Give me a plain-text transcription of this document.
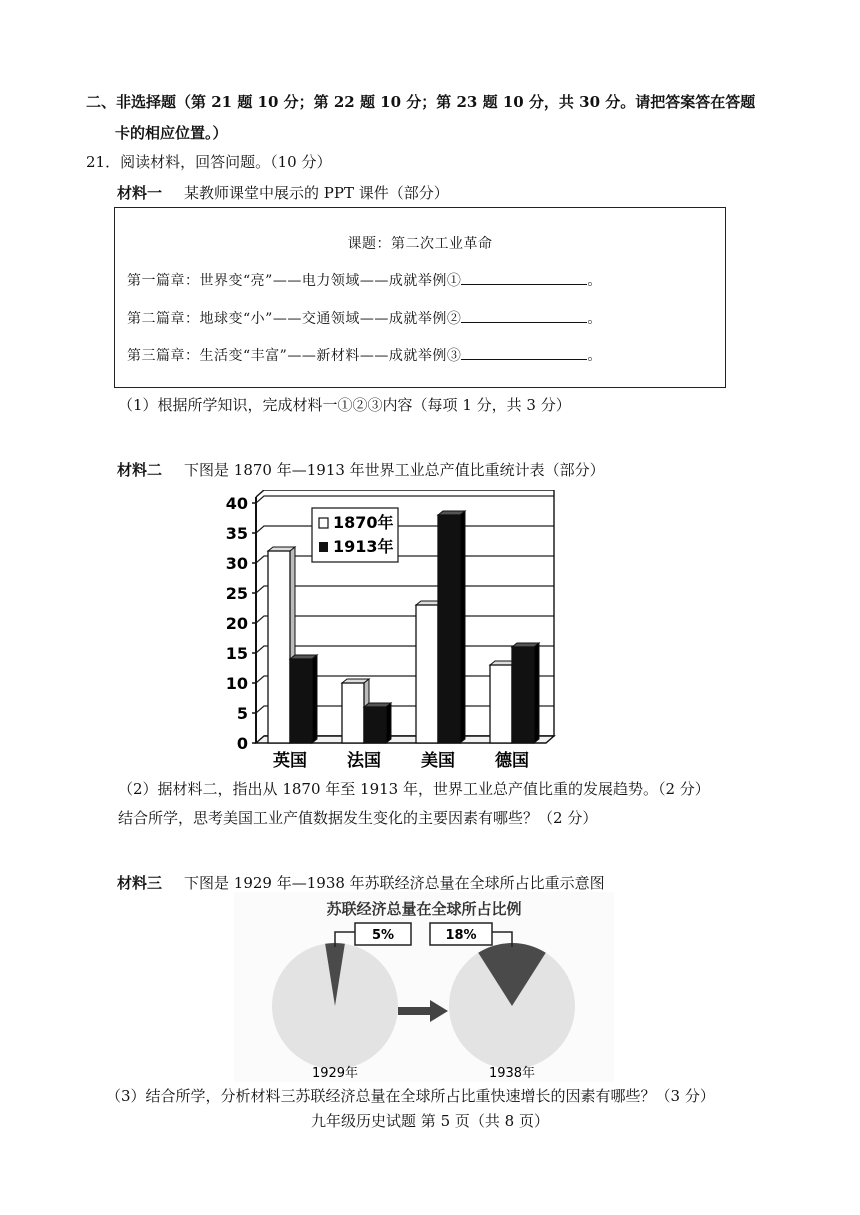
二、非选择题（第 21 题 10 分；第 22 题 10 分；第 23 题 10 分，共 30 分。请把答案答在答题
卡的相应位置。）
21．阅读材料，回答问题。（10 分）
材料一 某教师课堂中展示的 PPT 课件（部分）
课题：第二次工业革命
第一篇章：世界变“亮”——电力领域——成就举例①	。
第二篇章：地球变“小”——交通领域——成就举例②	。
第三篇章：生活变“丰富”——新材料——成就举例③	。
（1）根据所学知识，完成材料一①②③内容（每项 1 分，共 3 分）
材料二 下图是 1870 年—1913 年世界工业总产值比重统计表（部分）
0
5
10
15
20
25
30
35
40
英国 法国 美国 德国
1870年
1913年
（2）据材料二，指出从 1870 年至 1913 年，世界工业总产值比重的发展趋势。（2 分）
结合所学，思考美国工业产值数据发生变化的主要因素有哪些？（2 分）
材料三 下图是 1929 年—1938 年苏联经济总量在全球所占比重示意图
苏联经济总量在全球所占比例
5%
1929年
18%
1938年
（3）结合所学，分析材料三苏联经济总量在全球所占比重快速增长的因素有哪些？（3 分）
九年级历史试题 第 5 页（共 8 页）
